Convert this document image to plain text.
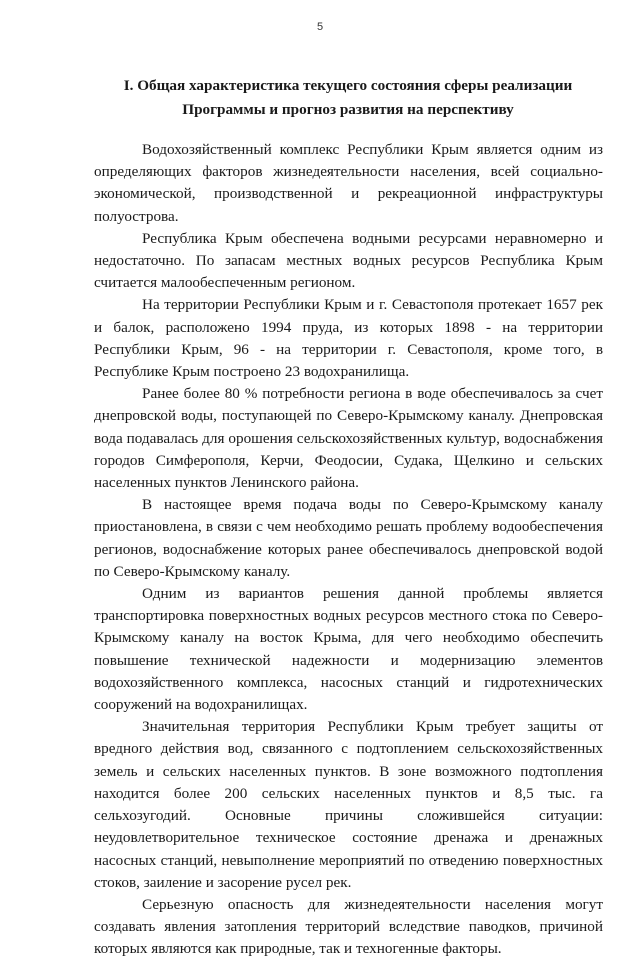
5
I. Общая характеристика текущего состояния сферы реализации
Программы и прогноз развития на перспективу

Водохозяйственный комплекс Республики Крым является одним из определяющих факторов жизнедеятельности населения, всей социально-экономической, производственной и рекреационной инфраструктуры полуострова.

Республика Крым обеспечена водными ресурсами неравномерно и недостаточно. По запасам местных водных ресурсов Республика Крым считается малообеспеченным регионом.

На территории Республики Крым и г. Севастополя протекает 1657 рек и балок, расположено 1994 пруда, из которых 1898 - на территории Республики Крым, 96 - на территории г. Севастополя, кроме того, в Республике Крым построено 23 водохранилища.

Ранее более 80 % потребности региона в воде обеспечивалось за счет днепровской воды, поступающей по Северо-Крымскому каналу. Днепровская вода подавалась для орошения сельскохозяйственных культур, водоснабжения городов Симферополя, Керчи, Феодосии, Судака, Щелкино и сельских населенных пунктов Ленинского района.

В настоящее время подача воды по Северо-Крымскому каналу приостановлена, в связи с чем необходимо решать проблему водообеспечения регионов, водоснабжение которых ранее обеспечивалось днепровской водой по Северо-Крымскому каналу.

Одним из вариантов решения данной проблемы является транспортировка поверхностных водных ресурсов местного стока по Северо-Крымскому каналу на восток Крыма, для чего необходимо обеспечить повышение технической надежности и модернизацию элементов водохозяйственного комплекса, насосных станций и гидротехнических сооружений на водохранилищах.

Значительная территория Республики Крым требует защиты от вредного действия вод, связанного с подтоплением сельскохозяйственных земель и сельских населенных пунктов. В зоне возможного подтопления находится более 200 сельских населенных пунктов и 8,5 тыс. га сельхозугодий. Основные причины сложившейся ситуации: неудовлетворительное техническое состояние дренажа и дренажных насосных станций, невыполнение мероприятий по отведению поверхностных стоков, заиление и засорение русел рек.

Серьезную опасность для жизнедеятельности населения могут создавать явления затопления территорий вследствие паводков, причиной которых являются как природные, так и техногенные факторы.
